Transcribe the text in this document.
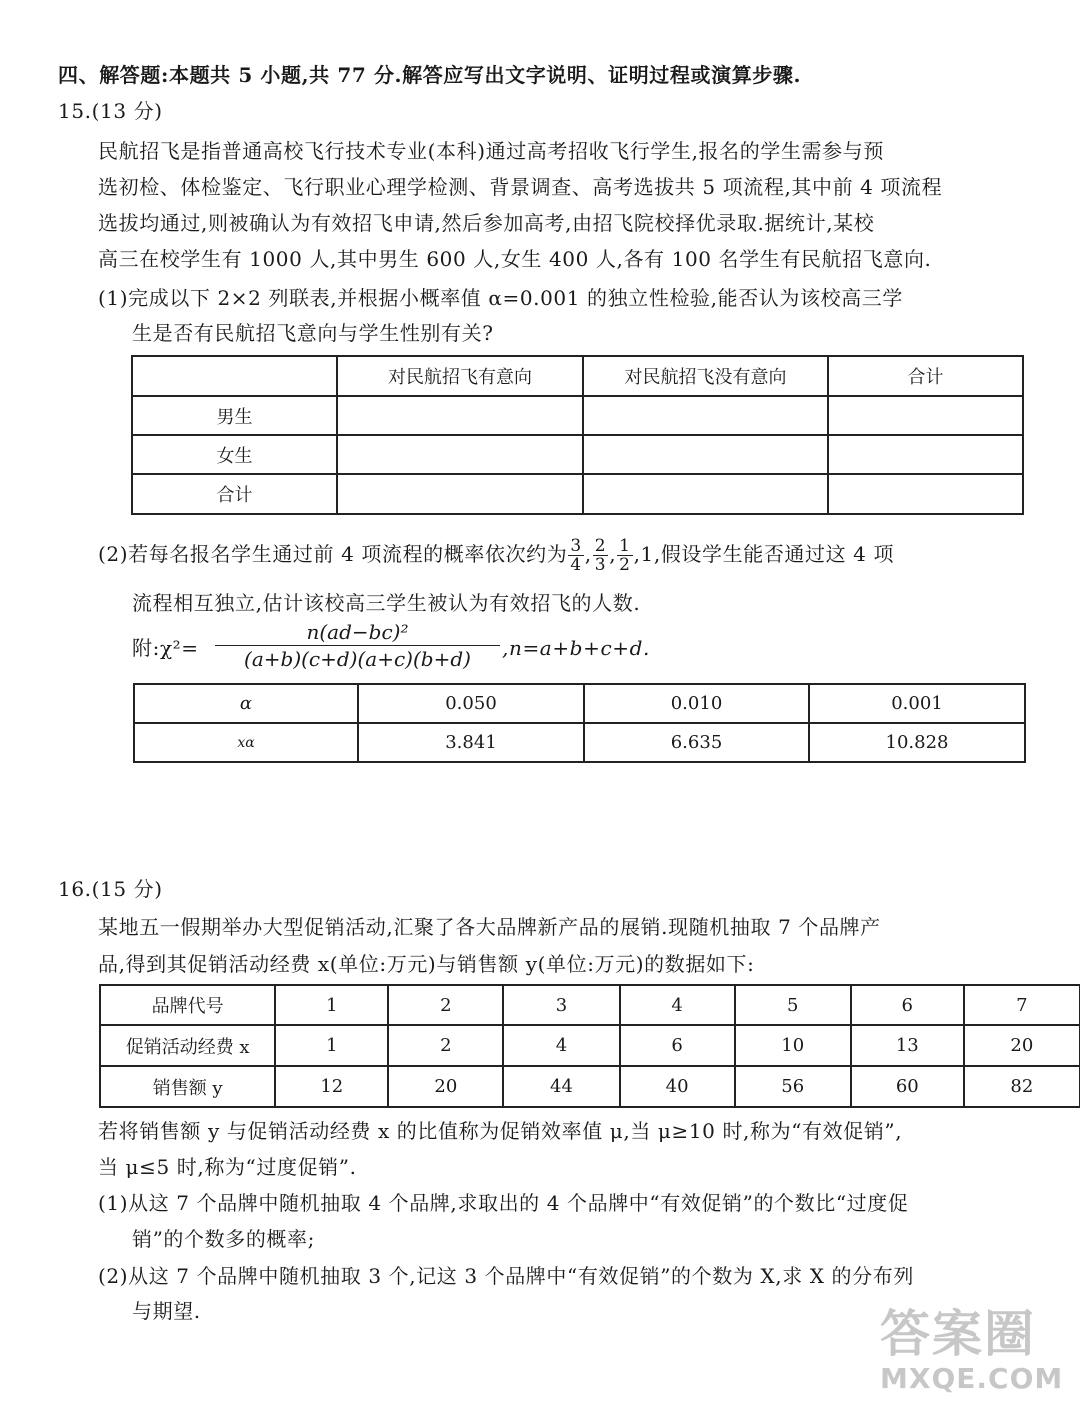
四、解答题:本题共 5 小题,共 77 分.解答应写出文字说明、证明过程或演算步骤.
15.(13 分)
民航招飞是指普通高校飞行技术专业(本科)通过高考招收飞行学生,报名的学生需参与预
选初检、体检鉴定、飞行职业心理学检测、背景调查、高考选拔共 5 项流程,其中前 4 项流程
选拔均通过,则被确认为有效招飞申请,然后参加高考,由招飞院校择优录取.据统计,某校
高三在校学生有 1000 人,其中男生 600 人,女生 400 人,各有 100 名学生有民航招飞意向.
(1)完成以下 2×2 列联表,并根据小概率值 α=0.001 的独立性检验,能否认为该校高三学
生是否有民航招飞意向与学生性别有关?
	对民航招飞有意向	对民航招飞没有意向	合计
男生			
女生			
合计			
(2)若每名报名学生通过前 4 项流程的概率依次约为 $\frac{3}{4}$ , $\frac{2}{3}$ , $\frac{1}{2} ,1$,假设学生能否通过这 4 项
流程相互独立,估计该校高三学生被认为有效招飞的人数.
附:χ²= $\frac{\text{n(ad−bc)²}}{(a+b)(c+d)(a+c)(b+d)} ,n=a+b+c+d$.
α	0.050	0.010	0.001
xα	3.841	6.635	10.828
16.(15 分)
某地五一假期举办大型促销活动,汇聚了各大品牌新产品的展销.现随机抽取 7 个品牌产
品,得到其促销活动经费 x(单位:万元)与销售额 y(单位:万元)的数据如下:
品牌代号	1	2	3	4	5	6	7
促销活动经费 x	1	2	4	6	10	13	20
销售额 y	12	20	44	40	56	60	82
若将销售额 y 与促销活动经费 x 的比值称为促销效率值 μ,当 μ≥10 时,称为“有效促销”,
当 μ≤5 时,称为“过度促销”.
(1)从这 7 个品牌中随机抽取 4 个品牌,求取出的 4 个品牌中“有效促销”的个数比“过度促
销”的个数多的概率;
(2)从这 7 个品牌中随机抽取 3 个,记这 3 个品牌中“有效促销”的个数为 X,求 X 的分布列
与期望.	答案圈
MXQE.COM
